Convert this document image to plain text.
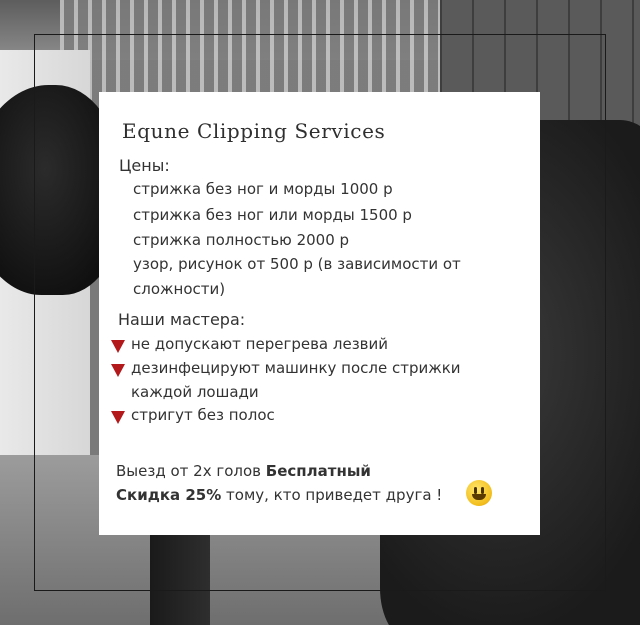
Equne Clipping Services
Цены:
стрижка без ног и морды 1000 р
стрижка без ног или морды 1500 р
стрижка полностью 2000 р
узор, рисунок от 500 р (в зависимости от
сложности)
Наши мастера:
не допускают перегрева лезвий
дезинфецируют машинку после стрижки
каждой лошади
стригут без полос
Выезд от 2х голов Бесплатный
Скидка 25% тому, кто приведет друга !
